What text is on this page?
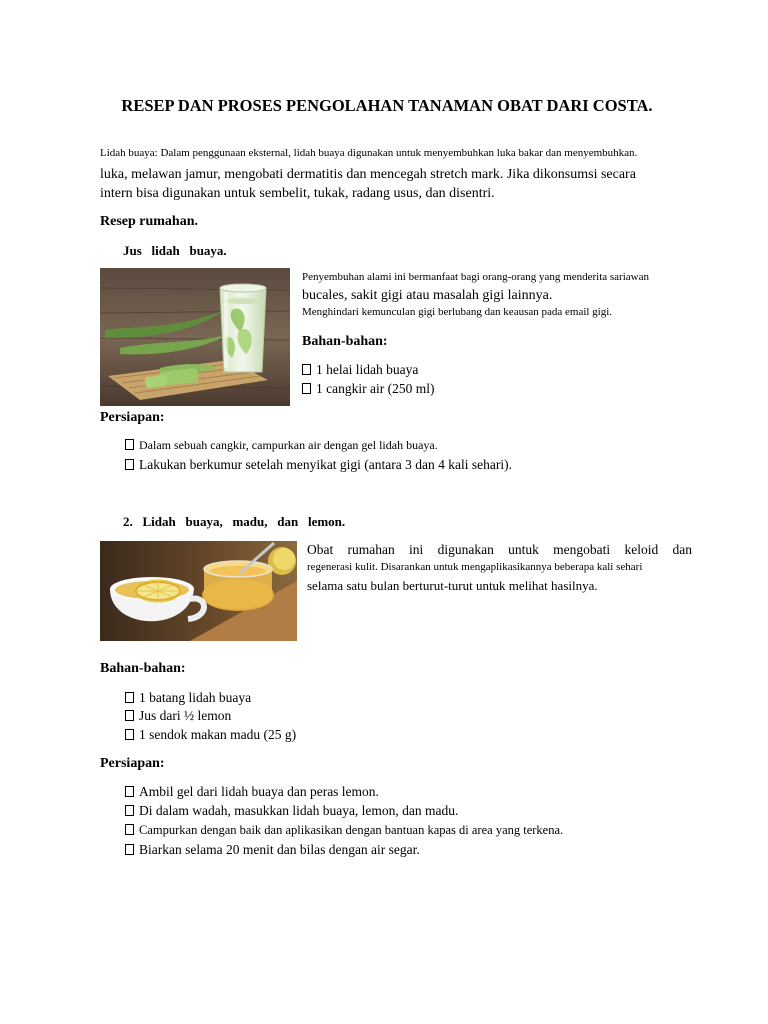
RESEP DAN PROSES PENGOLAHAN TANAMAN OBAT DARI COSTA.
Lidah buaya: Dalam penggunaan eksternal, lidah buaya digunakan untuk menyembuhkan luka bakar dan menyembuhkan.
luka, melawan jamur, mengobati dermatitis dan mencegah stretch mark. Jika dikonsumsi secara
intern bisa digunakan untuk sembelit, tukak, radang usus, dan disentri.
Resep rumahan.
Jus   lidah   buaya.
Penyembuhan alami ini bermanfaat bagi orang-orang yang menderita sariawan
bucales, sakit gigi atau masalah gigi lainnya.
Menghindari kemunculan gigi berlubang dan keausan pada email gigi.
Bahan-bahan:
1 helai lidah buaya
1 cangkir air (250 ml)
Persiapan:
Dalam sebuah cangkir, campurkan air dengan gel lidah buaya.
Lakukan berkumur setelah menyikat gigi (antara 3 dan 4 kali sehari).
2.   Lidah   buaya,   madu,   dan   lemon.
Obat rumahan ini digunakan untuk mengobati keloid dan
regenerasi kulit. Disarankan untuk mengaplikasikannya beberapa kali sehari
selama satu bulan berturut-turut untuk melihat hasilnya.
Bahan-bahan:
1 batang lidah buaya
Jus dari ½ lemon
1 sendok makan madu (25 g)
Persiapan:
Ambil gel dari lidah buaya dan peras lemon.
Di dalam wadah, masukkan lidah buaya, lemon, dan madu.
Campurkan dengan baik dan aplikasikan dengan bantuan kapas di area yang terkena.
Biarkan selama 20 menit dan bilas dengan air segar.
